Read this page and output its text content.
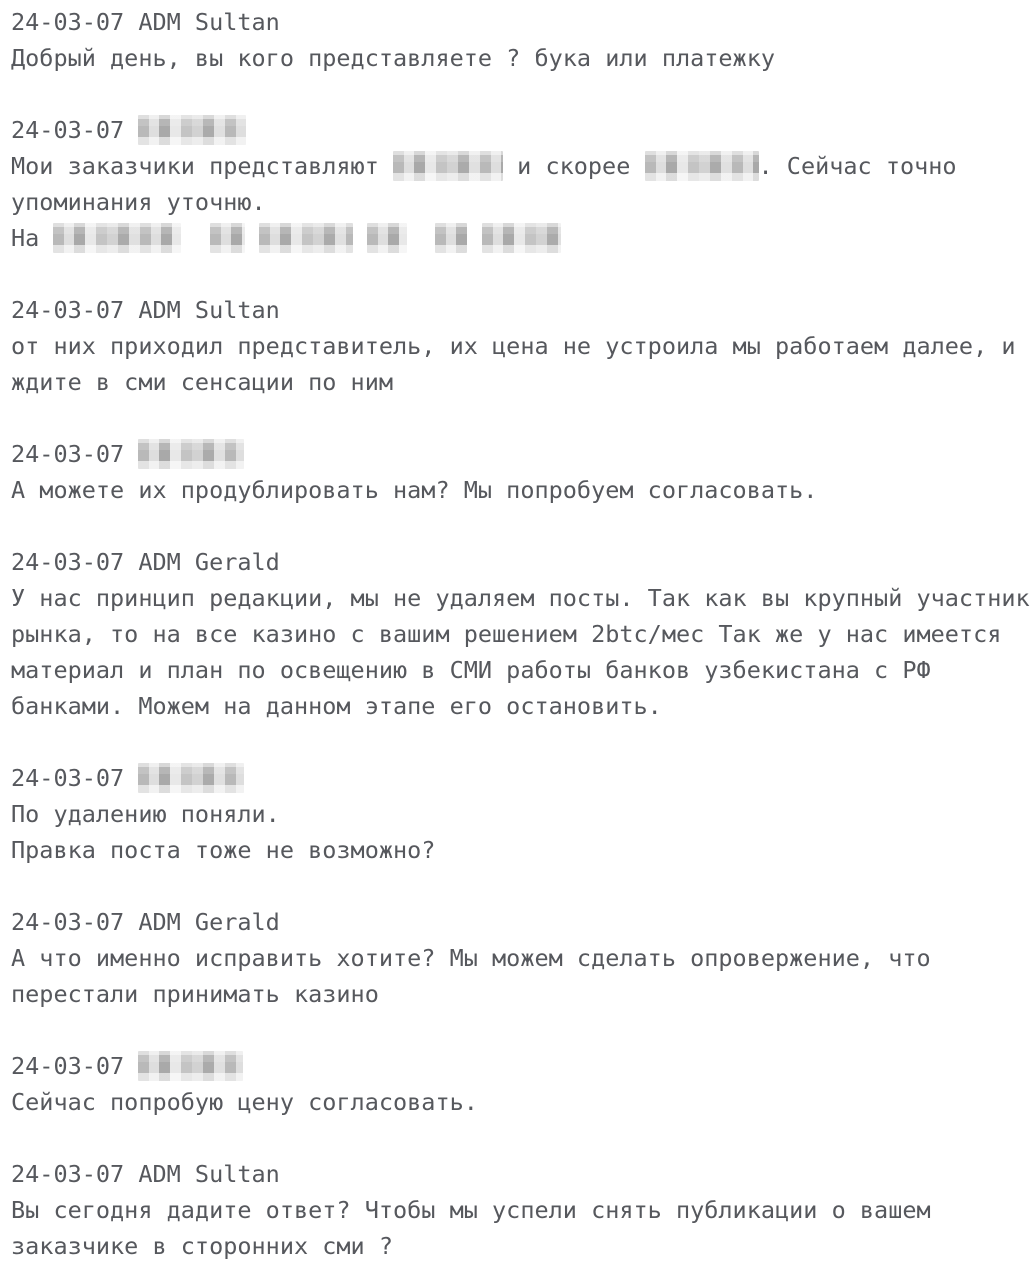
24-03-07 ADM Sultan
Добрый день, вы кого представляете ? бука или платежку
24-03-07
Мои заказчики представляют	и скорее	. Сейчас точно
упоминания уточню.
На
24-03-07 ADM Sultan
от них приходил представитель, их цена не устроила мы работаем далее, и
ждите в сми сенсации по ним
24-03-07
А можете их продублировать нам? Мы попробуем согласовать.
24-03-07 ADM Gerald
У нас принцип редакции, мы не удаляем посты. Так как вы крупный участник
рынка, то на все казино с вашим решением 2btc/мес Так же у нас имеется
материал и план по освещению в СМИ работы банков узбекистана с РФ
банками. Можем на данном этапе его остановить.
24-03-07
По удалению поняли.
Правка поста тоже не возможно?
24-03-07 ADM Gerald
А что именно исправить хотите? Мы можем сделать опровержение, что
перестали принимать казино
24-03-07
Сейчас попробую цену согласовать.
24-03-07 ADM Sultan
Вы сегодня дадите ответ? Чтобы мы успели снять публикации о вашем
заказчике в сторонних сми ?
